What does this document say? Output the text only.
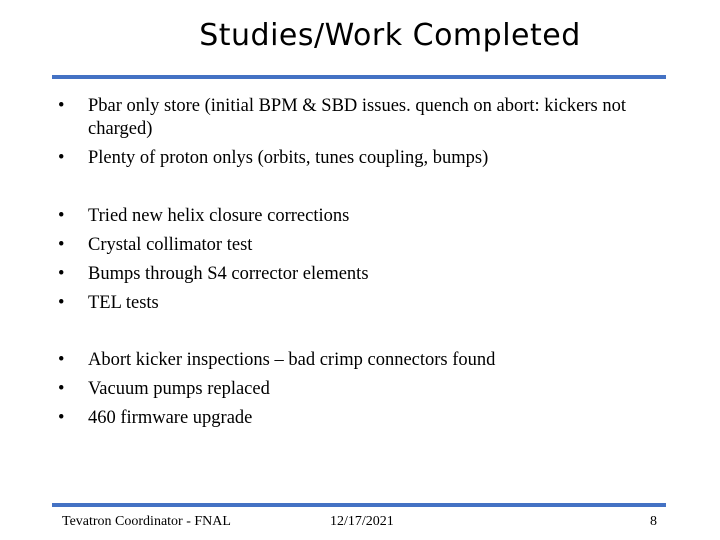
Studies/Work Completed
• Pbar only store (initial BPM & SBD issues. quench on abort: kickers not charged)
• Plenty of proton onlys (orbits, tunes coupling, bumps)
• Tried new helix closure corrections
• Crystal collimator test
• Bumps through S4 corrector elements
• TEL tests
• Abort kicker inspections – bad crimp connectors found
• Vacuum pumps replaced
• 460 firmware upgrade
Tevatron Coordinator - FNAL	12/17/2021	8
